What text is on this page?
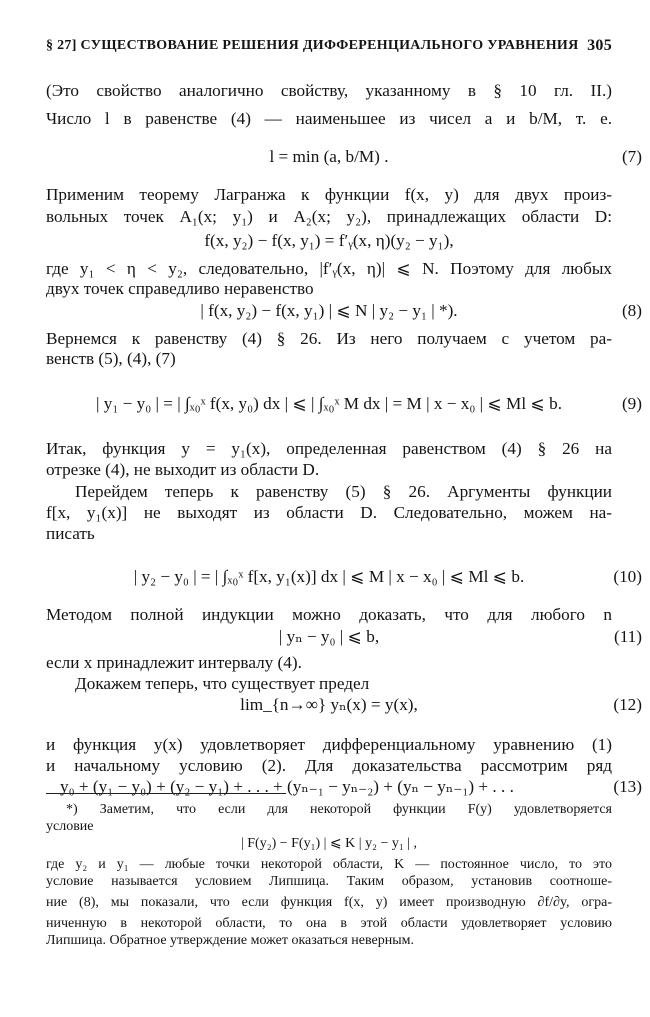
§ 27] СУЩЕСТВОВАНИЕ РЕШЕНИЯ ДИФФЕРЕНЦИАЛЬНОГО УРАВНЕНИЯ 305
(Это свойство аналогично свойству, указанному в § 10 гл. II.)
Число l в равенстве (4) — наименьшее из чисел a и b/M, т. е.
l = min (a, b/M) .	(7)
Применим теорему Лагранжа к функции f(x, y) для двух произ-
вольных точек A₁(x; y₁) и A₂(x; y₂), принадлежащих области D:
f(x, y₂) − f(x, y₁) = f′ᵧ(x, η)(y₂ − y₁),
где y₁ < η < y₂, следовательно, |f′ᵧ(x, η)| ⩽ N. Поэтому для любых
двух точек справедливо неравенство
| f(x, y₂) − f(x, y₁) | ⩽ N | y₂ − y₁ | *).	(8)
Вернемся к равенству (4) § 26. Из него получаем с учетом ра-
венств (5), (4), (7)
| y₁ − y₀ | = | ∫ₓ₀ˣ f(x, y₀) dx | ⩽ | ∫ₓ₀ˣ M dx | = M | x − x₀ | ⩽ Ml ⩽ b.	(9)
Итак, функция y = y₁(x), определенная равенством (4) § 26 на
отрезке (4), не выходит из области D.
Перейдем теперь к равенству (5) § 26. Аргументы функции
f[x, y₁(x)] не выходят из области D. Следовательно, можем на-
писать
| y₂ − y₀ | = | ∫ₓ₀ˣ f[x, y₁(x)] dx | ⩽ M | x − x₀ | ⩽ Ml ⩽ b.	(10)
Методом полной индукции можно доказать, что для любого n
| yₙ − y₀ | ⩽ b,	(11)
если x принадлежит интервалу (4).
Докажем теперь, что существует предел
lim_{n→∞} yₙ(x) = y(x),	(12)
и функция y(x) удовлетворяет дифференциальному уравнению (1)
и начальному условию (2). Для доказательства рассмотрим ряд
y₀ + (y₁ − y₀) + (y₂ − y₁) + . . . + (yₙ₋₁ − yₙ₋₂) + (yₙ − yₙ₋₁) + . . .	(13)
*) Заметим, что если для некоторой функции F(y) удовлетворяется
условие
| F(y₂) − F(y₁) | ⩽ K | y₂ − y₁ | ,
где y₂ и y₁ — любые точки некоторой области, K — постоянное число, то это
условие называется условием Липшица. Таким образом, установив соотноше-
ние (8), мы показали, что если функция f(x, y) имеет производную ∂f/∂y, огра-
ниченную в некоторой области, то она в этой области удовлетворяет условию
Липшица. Обратное утверждение может оказаться неверным.
